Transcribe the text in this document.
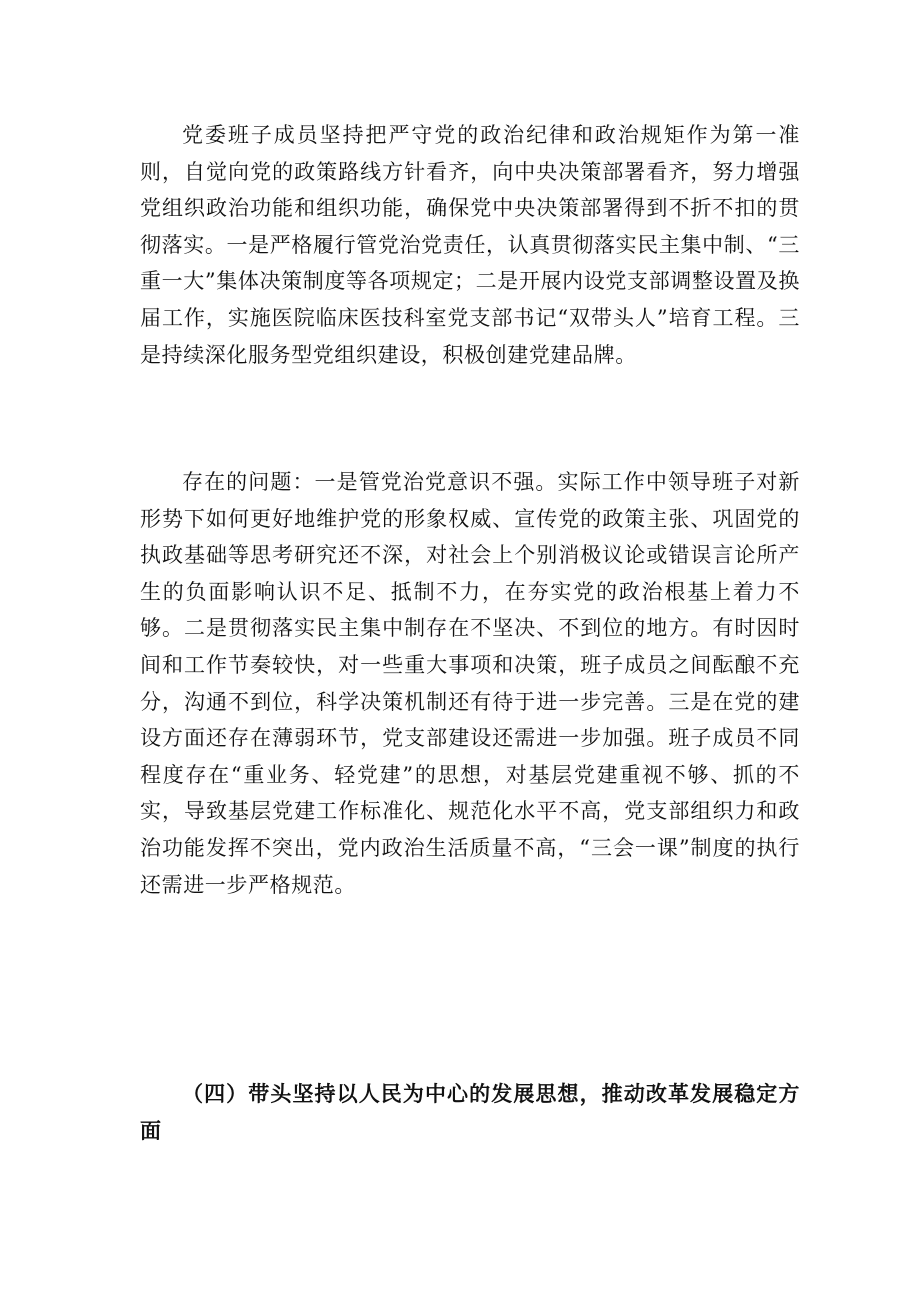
党委班子成员坚持把严守党的政治纪律和政治规矩作为第一准则，自觉向党的政策路线方针看齐，向中央决策部署看齐，努力增强党组织政治功能和组织功能，确保党中央决策部署得到不折不扣的贯彻落实。一是严格履行管党治党责任，认真贯彻落实民主集中制、“三重一大”集体决策制度等各项规定；二是开展内设党支部调整设置及换届工作，实施医院临床医技科室党支部书记“双带头人”培育工程。三是持续深化服务型党组织建设，积极创建党建品牌。

存在的问题：一是管党治党意识不强。实际工作中领导班子对新形势下如何更好地维护党的形象权威、宣传党的政策主张、巩固党的执政基础等思考研究还不深，对社会上个别消极议论或错误言论所产生的负面影响认识不足、抵制不力，在夯实党的政治根基上着力不够。二是贯彻落实民主集中制存在不坚决、不到位的地方。有时因时间和工作节奏较快，对一些重大事项和决策，班子成员之间酝酿不充分，沟通不到位，科学决策机制还有待于进一步完善。三是在党的建设方面还存在薄弱环节，党支部建设还需进一步加强。班子成员不同程度存在“重业务、轻党建”的思想，对基层党建重视不够、抓的不实，导致基层党建工作标准化、规范化水平不高，党支部组织力和政治功能发挥不突出，党内政治生活质量不高，“三会一课”制度的执行还需进一步严格规范。

（四）带头坚持以人民为中心的发展思想，推动改革发展稳定方面
